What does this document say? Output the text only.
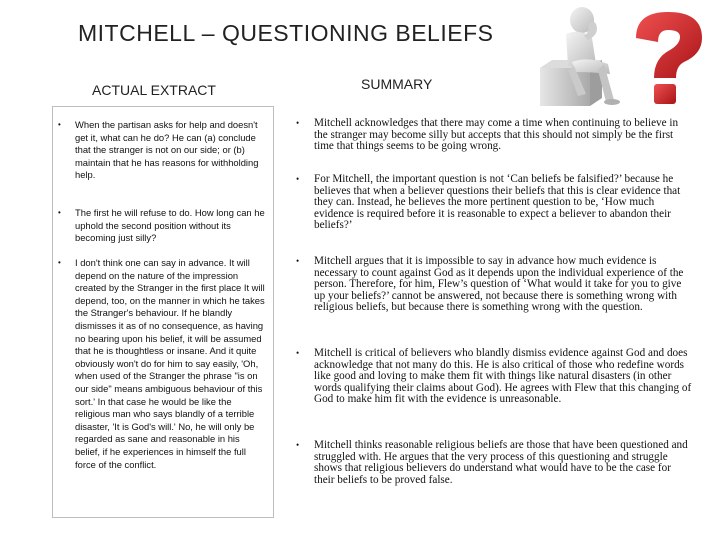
MITCHELL – QUESTIONING BELIEFS
ACTUAL EXTRACT	SUMMARY
• When the partisan asks for help and doesn't get it, what can he do? He can (a) conclude that the stranger is not on our side; or (b) maintain that he has reasons for withholding help.
• The first he will refuse to do. How long can he uphold the second position without its becoming just silly?
• I don't think one can say in advance. It will depend on the nature of the impression created by the Stranger in the first place It will depend, too, on the manner in which he takes the Stranger's behaviour. If he blandly dismisses it as of no consequence, as having no bearing upon his belief, it will be assumed that he is thoughtless or insane. And it quite obviously won't do for him to say easily, 'Oh, when used of the Stranger the phrase "is on our side" means ambiguous behaviour of this sort.' In that case he would be like the religious man who says blandly of a terrible disaster, 'It is God's will.' No, he will only be regarded as sane and reasonable in his belief, if he experiences in himself the full force of the conflict.
• Mitchell acknowledges that there may come a time when continuing to believe in the stranger may become silly but accepts that this should not simply be the first time that things seems to be going wrong.
• For Mitchell, the important question is not ‘Can beliefs be falsified?’ because he believes that when a believer questions their beliefs that this is clear evidence that they can. Instead, he believes the more pertinent question to be, ‘How much evidence is required before it is reasonable to expect a believer to abandon their beliefs?’
• Mitchell argues that it is impossible to say in advance how much evidence is necessary to count against God as it depends upon the individual experience of the person. Therefore, for him, Flew’s question of ‘What would it take for you to give up your beliefs?’ cannot be answered, not because there is something wrong with religious beliefs, but because there is something wrong with the question.
• Mitchell is critical of believers who blandly dismiss evidence against God and does acknowledge that not many do this. He is also critical of those who redefine words like good and loving to make them fit with things like natural disasters (in other words qualifying their claims about God). He agrees with Flew that this changing of God to make him fit with the evidence is unreasonable.
• Mitchell thinks reasonable religious beliefs are those that have been questioned and struggled with. He argues that the very process of this questioning and struggle shows that religious believers do understand what would have to be the case for their beliefs to be proved false.
